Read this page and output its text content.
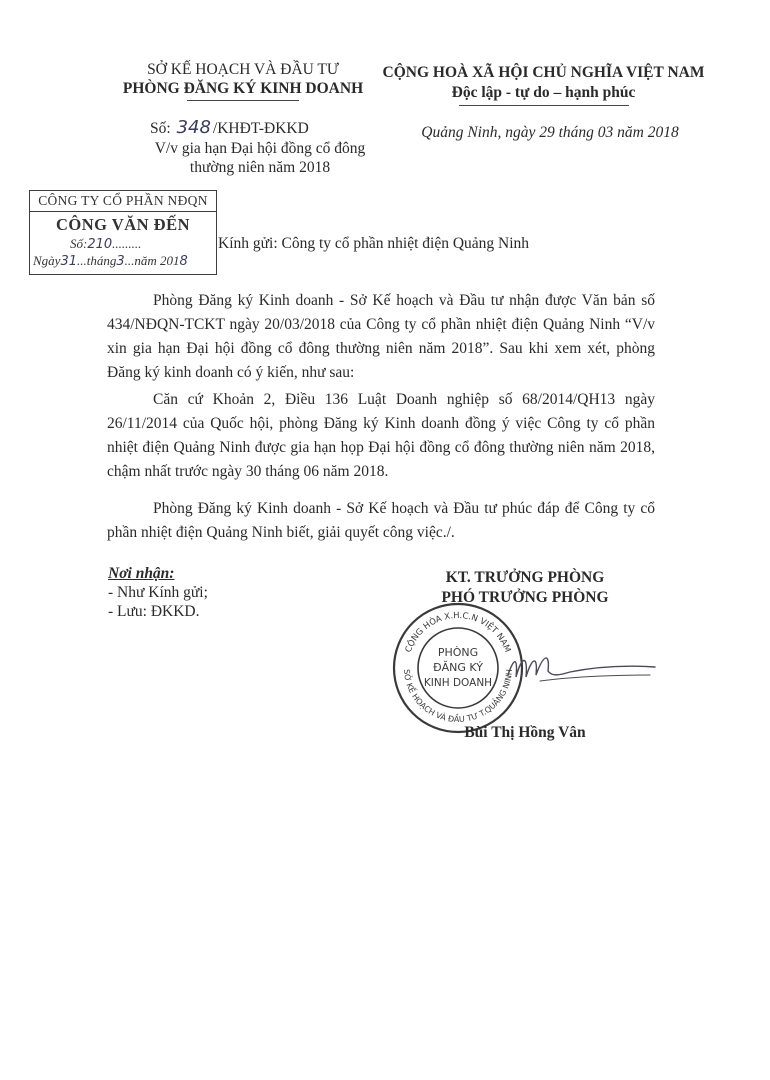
SỞ KẾ HOẠCH VÀ ĐẦU TƯ
PHÒNG ĐĂNG KÝ KINH DOANH
CỘNG HOÀ XÃ HỘI CHỦ NGHĨA VIỆT NAM
Độc lập - tự do – hạnh phúc
Số: 348 /KHĐT-ĐKKD
V/v gia hạn Đại hội đồng cổ đông
thường niên năm 2018
Quảng Ninh, ngày 29 tháng 03 năm 2018
CÔNG TY CỔ PHẦN NĐQN
CÔNG VĂN ĐẾN
Số:210.........
Ngày31...tháng3...năm 2018
Kính gửi: Công ty cổ phần nhiệt điện Quảng Ninh

Phòng Đăng ký Kinh doanh - Sở Kế hoạch và Đầu tư nhận được Văn bản số 434/NĐQN-TCKT ngày 20/03/2018 của Công ty cổ phần nhiệt điện Quảng Ninh “V/v xin gia hạn Đại hội đồng cổ đông thường niên năm 2018”. Sau khi xem xét, phòng Đăng ký kinh doanh có ý kiến, như sau:

Căn cứ Khoản 2, Điều 136 Luật Doanh nghiệp số 68/2014/QH13 ngày 26/11/2014 của Quốc hội, phòng Đăng ký Kinh doanh đồng ý việc Công ty cổ phần nhiệt điện Quảng Ninh được gia hạn họp Đại hội đồng cổ đông thường niên năm 2018, chậm nhất trước ngày 30 tháng 06 năm 2018.

Phòng Đăng ký Kinh doanh - Sở Kế hoạch và Đầu tư phúc đáp để Công ty cổ phần nhiệt điện Quảng Ninh biết, giải quyết công việc./.

Nơi nhận:
- Như Kính gửi;
- Lưu: ĐKKD.
KT. TRƯỞNG PHÒNG
PHÓ TRƯỞNG PHÒNG
CỘNG HÒA X.H.C.N VIỆT NAM
SỞ KẾ HOẠCH VÀ ĐẦU TƯ T.QUẢNG NINH
PHÒNG
ĐĂNG KÝ
KINH DOANH
Bùi Thị Hồng Vân
